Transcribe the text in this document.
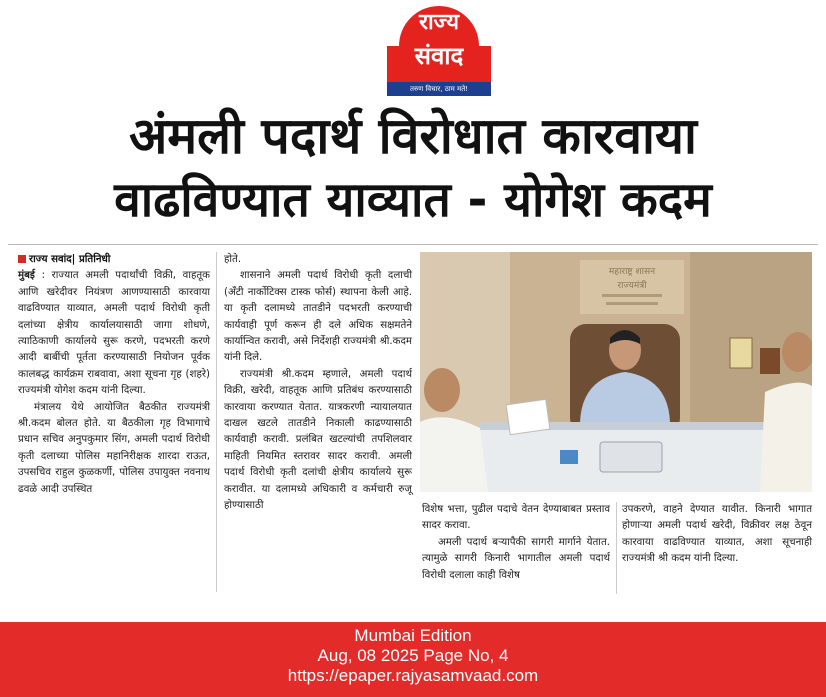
राज्य
संवाद
तरुण विचार, ठाम मते!
अंमली पदार्थ विरोधात कारवाया
वाढविण्यात याव्यात - योगेश कदम

राज्य सवांद| प्रतिनिधी

मुंबई : राज्यात अमली पदार्थांची विक्री, वाहतूक आणि खरेदीवर नियंत्रण आणण्यासाठी कारवाया वाढविण्यात याव्यात, अमली पदार्थ विरोधी कृती दलांच्या क्षेत्रीय कार्यालयासाठी जागा शोधणे, त्याठिकाणी कार्यालये सुरू करणे, पदभरती करणे आदी बाबींची पूर्तता करण्यासाठी नियोजन पूर्वक कालबद्ध कार्यक्रम राबवावा, अशा सूचना गृह (शहरे) राज्यमंत्री योगेश कदम यांनी दिल्या.

मंत्रालय येथे आयोजित बैठकीत राज्यमंत्री श्री.कदम बोलत होते. या बैठकीला गृह विभागाचे प्रधान सचिव अनुपकुमार सिंग, अमली पदार्थ विरोधी कृती दलाच्या पोलिस महानिरीक्षक शारदा राऊत, उपसचिव राहुल कुळकर्णी, पोलिस उपायुक्त नवनाथ ढवळे आदी उपस्थित

होते.

शासनाने अमली पदार्थ विरोधी कृती दलाची (अँटी नार्कोटिक्स टास्क फोर्स) स्थापना केली आहे. या कृती दलामध्ये तातडीने पदभरती करण्याची कार्यवाही पूर्ण करून ही दले अधिक सक्षमतेने कार्यान्वित करावी, असे निर्देशही राज्यमंत्री श्री.कदम यांनी दिले.

राज्यमंत्री श्री.कदम म्हणाले, अमली पदार्थ विक्री, खरेदी, वाहतूक आणि प्रतिबंध करण्यासाठी कारवाया करण्यात येतात. यात्रकरणी न्यायालयात दाखल खटले तातडीने निकाली काढण्यासाठी कार्यवाही करावी. प्रलंबित खटल्यांची तपशिलवार माहिती नियमित स्तरावर सादर करावी. अमली पदार्थ विरोधी कृती दलांची क्षेत्रीय कार्यालये सुरू करावीत. या दलामध्ये अधिकारी व कर्मचारी रुजू होण्यासाठी

महाराष्ट्र शासन
राज्यमंत्री

विशेष भत्ता, पुढील पदाचे वेतन देण्याबाबत प्रस्ताव सादर करावा.

अमली पदार्थ बऱ्यापैकी सागरी मार्गाने येतात. त्यामुळे सागरी किनारी भागातील अमली पदार्थ विरोधी दलाला काही विशेष

उपकरणे, वाहने देण्यात यावीत. किनारी भागात होणाऱ्या अमली पदार्थ खरेदी, विक्रीवर लक्ष ठेवून कारवाया वाढविण्यात याव्यात, अशा सूचनाही राज्यमंत्री श्री कदम यांनी दिल्या.

Mumbai Edition
Aug, 08 2025 Page No, 4
https://epaper.rajyasamvaad.com
